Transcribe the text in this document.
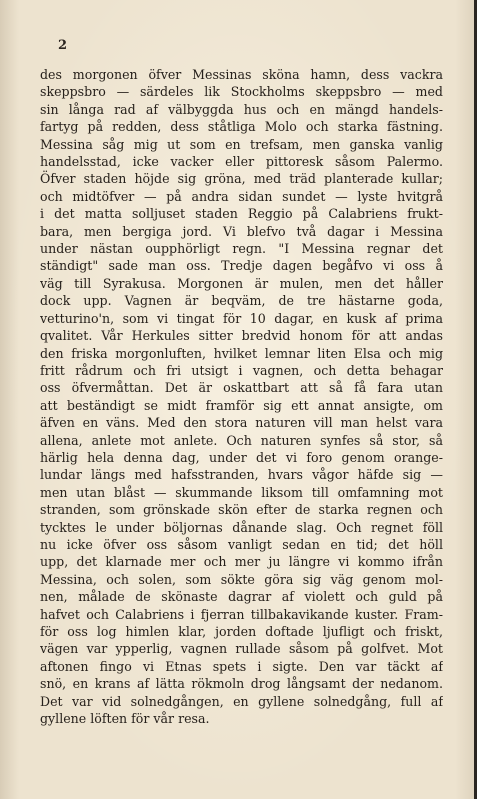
2
des morgonen öfver Messinas sköna hamn, dess vackra
skeppsbro — särdeles lik Stockholms skeppsbro — med
sin långa rad af välbyggda hus och en mängd handels-
fartyg på redden, dess ståtliga Molo och starka fästning.
Messina såg mig ut som en trefsam, men ganska vanlig
handelsstad, icke vacker eller pittoresk såsom Palermo.
Öfver staden höjde sig gröna, med träd planterade kullar;
och midtöfver — på andra sidan sundet — lyste hvitgrå
i det matta solljuset staden Reggio på Calabriens frukt-
bara, men bergiga jord. Vi blefvo två dagar i Messina
under nästan oupphörligt regn. "I Messina regnar det
ständigt" sade man oss. Tredje dagen begåfvo vi oss å
väg till Syrakusa. Morgonen är mulen, men det håller
dock upp. Vagnen är beqväm, de tre hästarne goda,
vetturino'n, som vi tingat för 10 dagar, en kusk af prima
qvalitet. Vår Herkules sitter bredvid honom för att andas
den friska morgonluften, hvilket lemnar liten Elsa och mig
fritt rådrum och fri utsigt i vagnen, och detta behagar
oss öfvermåttan. Det är oskattbart att så få fara utan
att beständigt se midt framför sig ett annat ansigte, om
äfven en väns. Med den stora naturen vill man helst vara
allena, anlete mot anlete. Och naturen synfes så stor, så
härlig hela denna dag, under det vi foro genom orange-
lundar längs med hafsstranden, hvars vågor häfde sig —
men utan blåst — skummande liksom till omfamning mot
stranden, som grönskade skön efter de starka regnen och
tycktes le under böljornas dånande slag. Och regnet föll
nu icke öfver oss såsom vanligt sedan en tid; det höll
upp, det klarnade mer och mer ju längre vi kommo ifrån
Messina, och solen, som sökte göra sig väg genom mol-
nen, målade de skönaste dagrar af violett och guld på
hafvet och Calabriens i fjerran tillbakavikande kuster. Fram-
för oss log himlen klar, jorden doftade ljufligt och friskt,
vägen var ypperlig, vagnen rullade såsom på golfvet. Mot
aftonen fingo vi Etnas spets i sigte. Den var täckt af
snö, en krans af lätta rökmoln drog långsamt der nedanom.
Det var vid solnedgången, en gyllene solnedgång, full af
gyllene löften för vår resa.
